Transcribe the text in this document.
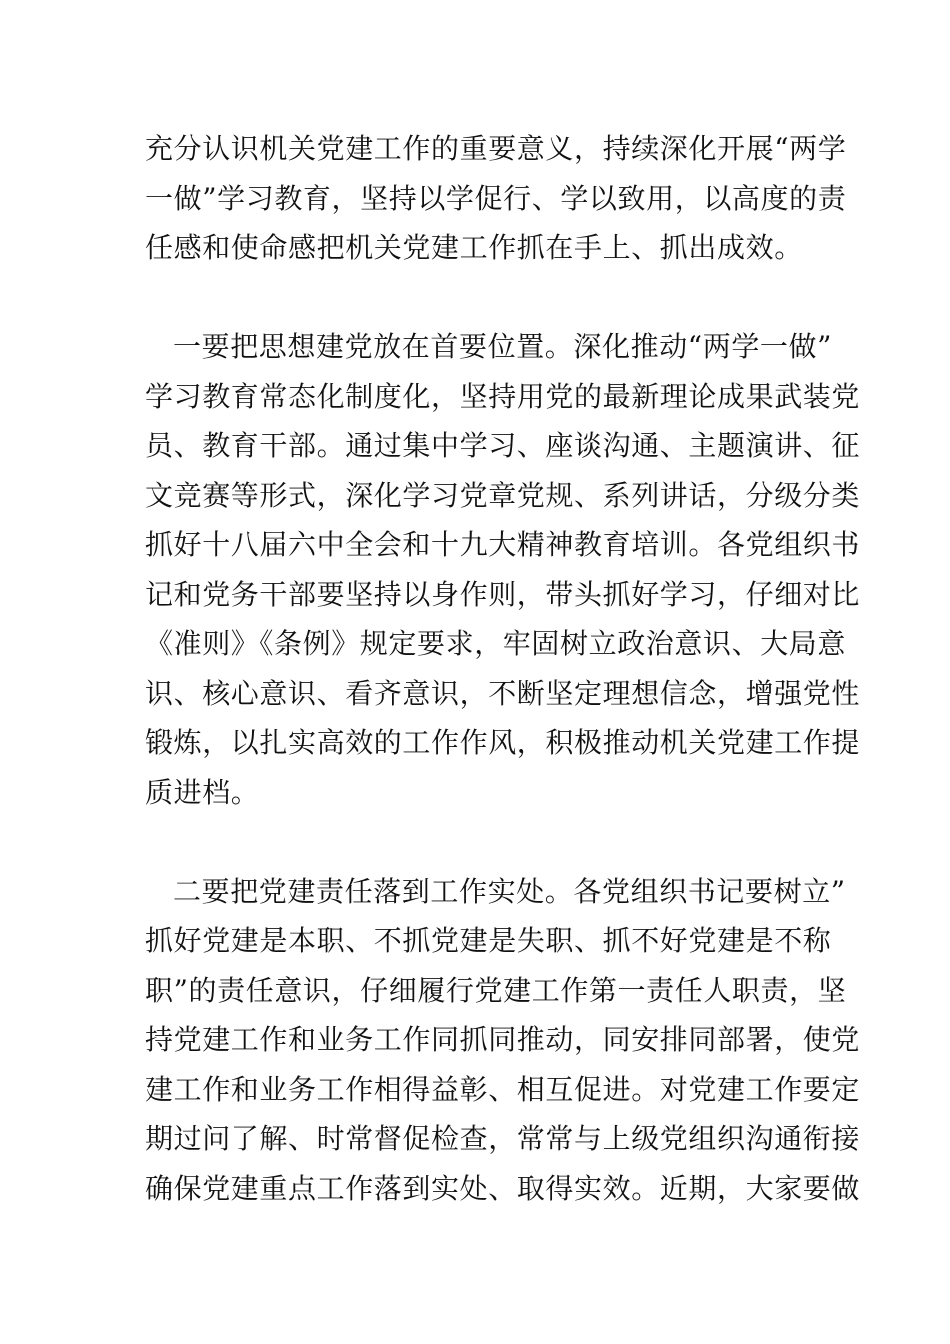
充分认识机关党建工作的重要意义，持续深化开展“两学
一做”学习教育，坚持以学促行、学以致用，以高度的责
任感和使命感把机关党建工作抓在手上、抓出成效。
一要把思想建党放在首要位置。深化推动“两学一做”
学习教育常态化制度化，坚持用党的最新理论成果武装党
员、教育干部。通过集中学习、座谈沟通、主题演讲、征
文竞赛等形式，深化学习党章党规、系列讲话，分级分类
抓好十八届六中全会和十九大精神教育培训。各党组织书
记和党务干部要坚持以身作则，带头抓好学习，仔细对比
《准则》《条例》规定要求，牢固树立政治意识、大局意
识、核心意识、看齐意识，不断坚定理想信念，增强党性
锻炼，以扎实高效的工作作风，积极推动机关党建工作提
质进档。
二要把党建责任落到工作实处。各党组织书记要树立”
抓好党建是本职、不抓党建是失职、抓不好党建是不称
职”的责任意识，仔细履行党建工作第一责任人职责，坚
持党建工作和业务工作同抓同推动，同安排同部署，使党
建工作和业务工作相得益彰、相互促进。对党建工作要定
期过问了解、时常督促检查，常常与上级党组织沟通衔接
确保党建重点工作落到实处、取得实效。近期，大家要做
